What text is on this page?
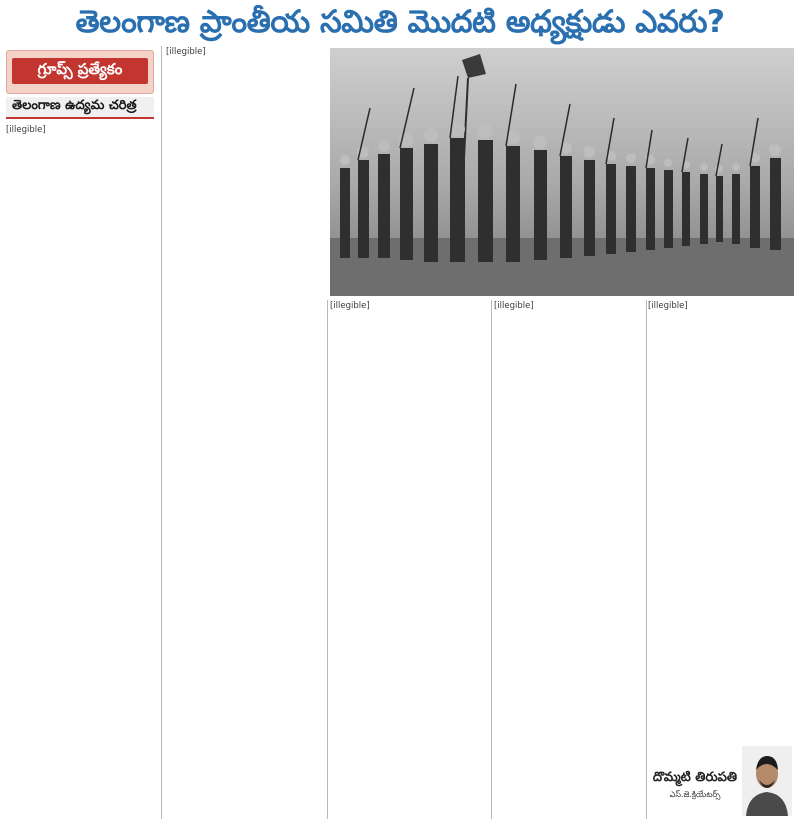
తెలంగాణ ప్రాంతీయ సమితి మొదటి అధ్యక్షుడు ఎవరు?
గ్రూప్స్ ప్రత్యేకం
తెలంగాణ ఉద్యమ చరిత్ర
[illegible]
[illegible]
[illegible]	[illegible]	[illegible]
దొమ్మటి తిరుపతి
ఎస్.జె.క్రియేటర్స్
